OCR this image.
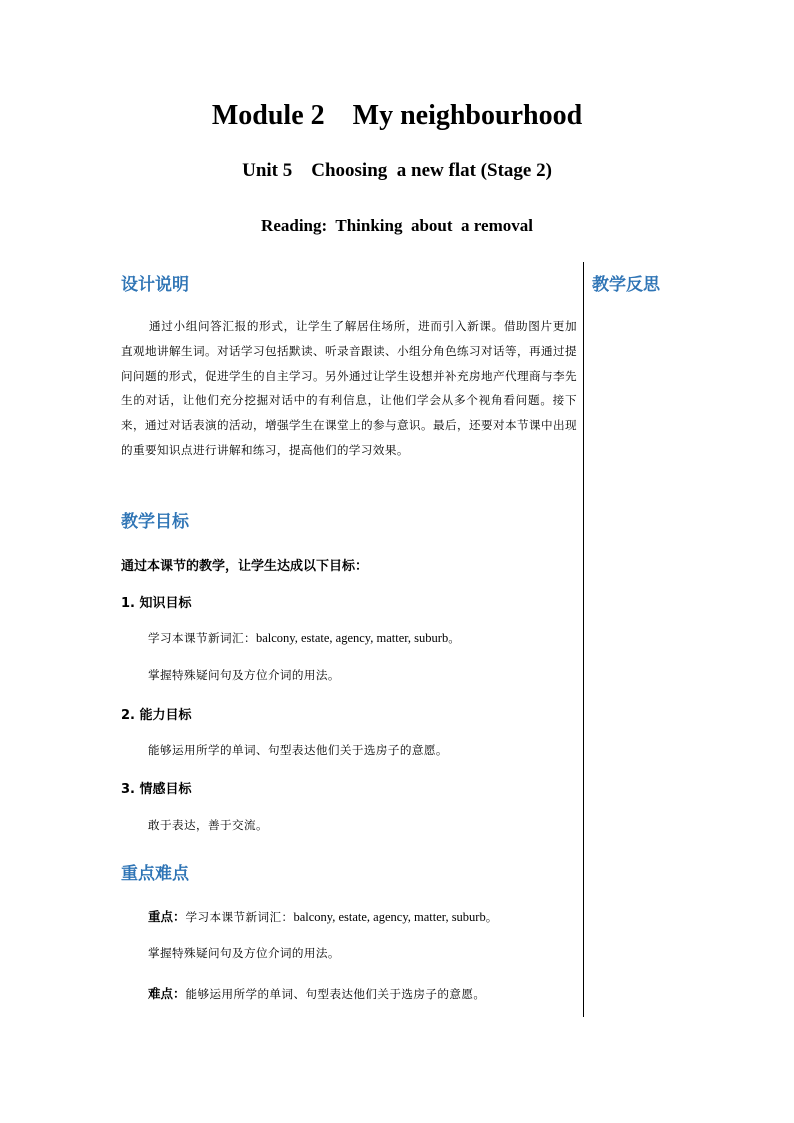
Module 2    My neighbourhood
Unit 5    Choosing  a new flat (Stage 2)
Reading:  Thinking  about  a removal
设计说明	教学反思
通过小组问答汇报的形式，让学生了解居住场所，进而引入新课。借助图片更加直观地讲解生词。对话学习包括默读、听录音跟读、小组分角色练习对话等，再通过提问问题的形式，促进学生的自主学习。另外通过让学生设想并补充房地产代理商与李先生的对话，让他们充分挖掘对话中的有利信息，让他们学会从多个视角看问题。接下来，通过对话表演的活动，增强学生在课堂上的参与意识。最后，还要对本节课中出现的重要知识点进行讲解和练习，提高他们的学习效果。
教学目标
通过本课节的教学，让学生达成以下目标：
1. 知识目标
学习本课节新词汇：balcony, estate, agency, matter, suburb。
掌握特殊疑问句及方位介词的用法。
2. 能力目标
能够运用所学的单词、句型表达他们关于选房子的意愿。
3. 情感目标
敢于表达，善于交流。
重点难点
重点：学习本课节新词汇：balcony, estate, agency, matter, suburb。
掌握特殊疑问句及方位介词的用法。
难点：能够运用所学的单词、句型表达他们关于选房子的意愿。
